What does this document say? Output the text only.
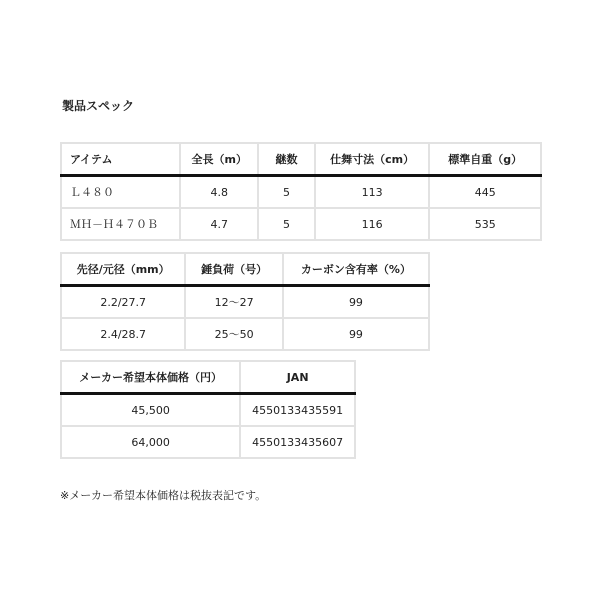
製品スペック
アイテム	全長（m）	継数	仕舞寸法（cm）	標準自重（g）
Ｌ４８０	4.8	5	113	445
ＭＨ－Ｈ４７０Ｂ	4.7	5	116	535
先径/元径（mm）	錘負荷（号）	カーボン含有率（%）
2.2/27.7	12～27	99
2.4/28.7	25～50	99
メーカー希望本体価格（円）	JAN
45,500	4550133435591
64,000	4550133435607
※メーカー希望本体価格は税抜表記です。
